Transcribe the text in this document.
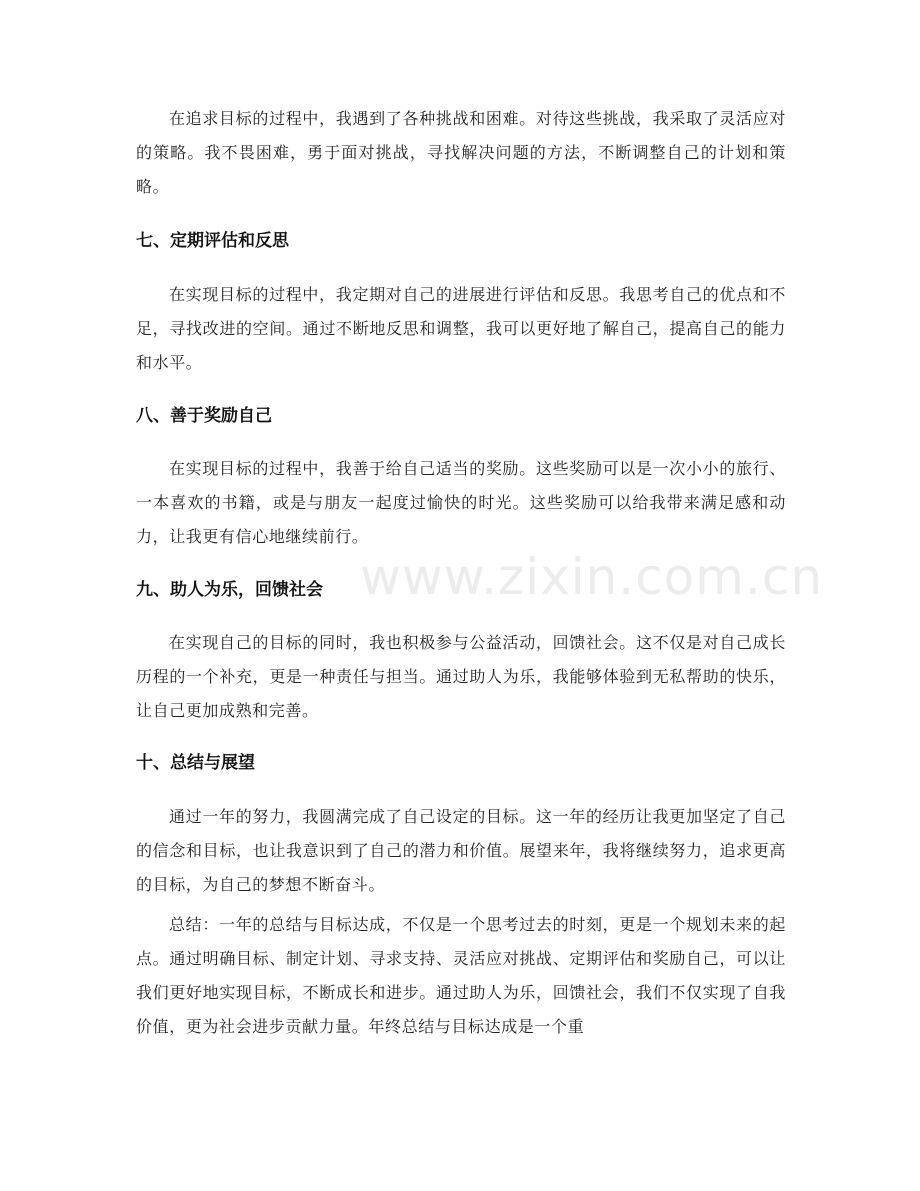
在追求目标的过程中，我遇到了各种挑战和困难。对待这些挑战，我采取了灵活应对的策略。我不畏困难，勇于面对挑战，寻找解决问题的方法，不断调整自己的计划和策略。

七、定期评估和反思

在实现目标的过程中，我定期对自己的进展进行评估和反思。我思考自己的优点和不足，寻找改进的空间。通过不断地反思和调整，我可以更好地了解自己，提高自己的能力和水平。

八、善于奖励自己

在实现目标的过程中，我善于给自己适当的奖励。这些奖励可以是一次小小的旅行、一本喜欢的书籍，或是与朋友一起度过愉快的时光。这些奖励可以给我带来满足感和动力，让我更有信心地继续前行。

九、助人为乐，回馈社会

在实现自己的目标的同时，我也积极参与公益活动，回馈社会。这不仅是对自己成长历程的一个补充，更是一种责任与担当。通过助人为乐，我能够体验到无私帮助的快乐，让自己更加成熟和完善。

十、总结与展望

通过一年的努力，我圆满完成了自己设定的目标。这一年的经历让我更加坚定了自己的信念和目标，也让我意识到了自己的潜力和价值。展望来年，我将继续努力，追求更高的目标，为自己的梦想不断奋斗。

总结：一年的总结与目标达成，不仅是一个思考过去的时刻，更是一个规划未来的起点。通过明确目标、制定计划、寻求支持、灵活应对挑战、定期评估和奖励自己，可以让我们更好地实现目标，不断成长和进步。通过助人为乐，回馈社会，我们不仅实现了自我价值，更为社会进步贡献力量。年终总结与目标达成是一个重

www.zixin.com.cn
